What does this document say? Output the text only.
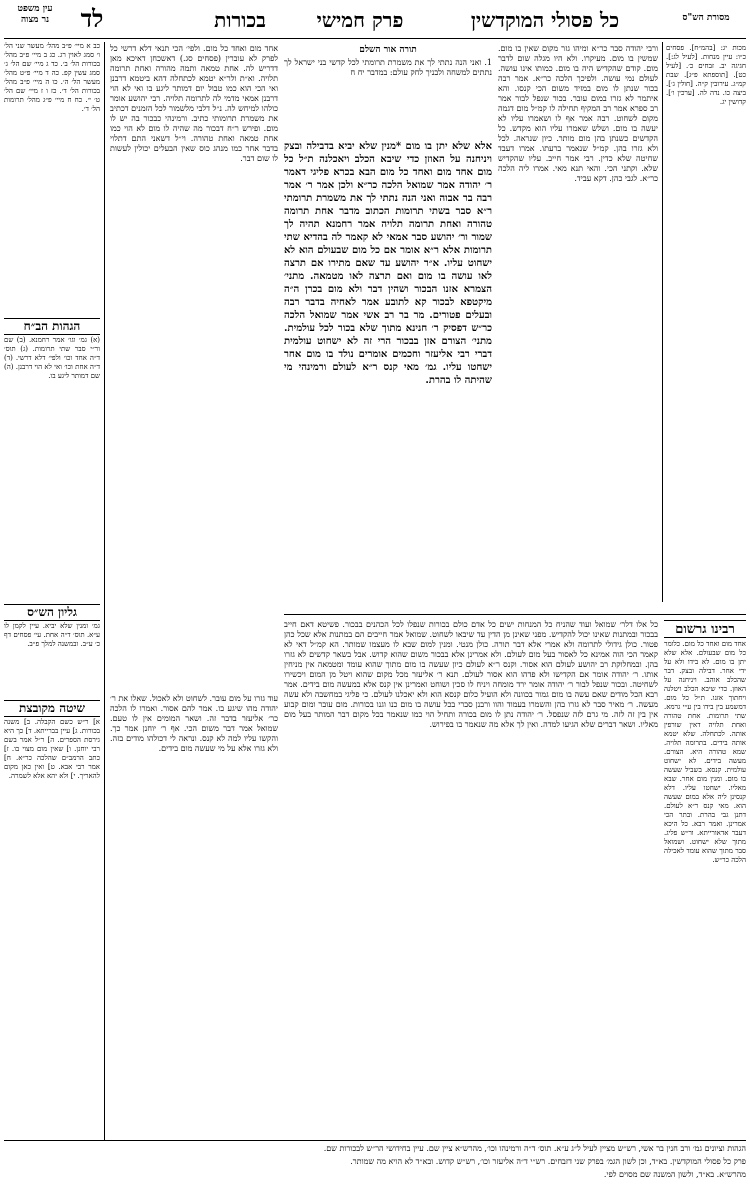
עין משפט
נר מצוה	לד	בכורות	פרק חמישי	כל פסולי המוקדשין	מסורת הש"ס
כב א מיי׳ פ״ב מהל׳ מעשר שני הל׳ ו׳ סמג לאוין רג. כג ב מיי׳ פ״ב מהל׳ בכורות הל׳ ב׳. כד ג מיי׳ שם הל׳ ג׳ סמג עשין קפ. כה ד מיי׳ פ״ט מהל׳ מעשר הל׳ ה׳. כו ה מיי׳ פ״ב מהל׳ בכורות הל׳ ד׳. כז ו ז מיי׳ שם הל׳ ט׳ י׳. כח ח מיי׳ פ״ג מהל׳ תרומות הל׳ ד׳.
הגהות הב״ח
(א) גמ׳ וגו׳ אמר רחמנא. (ב) שם ור״י סבר שתי תרומות. (ג) תוס׳ ד״ה אחד וכו׳ ולפי׳ דלא דרשי. (ד) ד״ה אחת וכו׳ ואי לא הוי דרבנן. (ה) שם דמותר ליגע בו.
גליון הש״ס
גמ׳ ומנין שלא יביא. עיין לקמן לו ע״א. תוס׳ ד״ה אחת. עי׳ פסחים דף כ׳ ע״ב. ובמשנה למלך פ״ב.
שיטה מקובצת
א] ר״ש כשם הקבלה. ב] משנה בכורות. ג] עיין בברייתא. ד] כך היא גירסת הספרים. ה] ר״ל אמר בשם רבי יוחנן. ו] שאין מום מצוי בו. ז] כתב הרמב״ם שהלכה כר״א. ח] אמר רבי אבא. ט] ואין כאן מקום להאריך. י] ולא יהא אלא לשמרה.
אחד מום ואחד כל מום. ולפי׳ הכי תנאי דלא דרשי כל לפרק לא עוברין (פסחים סג.) דאשכחן דאיכא מאן דדריש לה. אחת טמאה ותמה מהורה ואחת תרומה תלויה. וא״ת ולר״א יטמא לכתחלה דהא ביטמא דרבנן ואי הכי הוא כמו טבול יום דמותר ליגע בו ואי לא הוי דרבנן אמאי מדמי לה לתרומה תלויה. רבי יהושע אומר כולהו למיחש לה. נ״ל דלבי מלשמור לכל הזמנים דכתיב את משמרת תרומותי כתיב. ורמינהי כבכור בה יש לו מום. ופירש ר״ח דבכור מה שהיה לו מום לא הוי כמו אחת טמאה ואחת טהורה. וי״ל דשאני התם דתלוי בדבר אחר כמו מנהג כוס שאין הבעלים יכולין לעשות לו שום דבר.
עוד גזרו על מום עובר. לשחוט ולא לאכול. שאלו את ר׳ יהודה מהו שיגע בו. אמר להם אסור. ואמרו לו הלכה כר׳ אליעזר בדבר זה. ושאר המומים אין לו טעם. שמואל אמר דבר משום הכי. אף ר׳ יוחנן אמר כך. והקשו עליו למה לא קנס. ונראה לי דכולהו מודים בזה. ולא גזרו אלא על מי שעשה מום בידים.
אלא שלא יתן בו מום *מנין שלא יביא בדבילה ובצק ויניחנה על האוזן כדי שיבא הכלב ויאכלנה ת״ל כל מום אחד מום ואחד כל מום הבא בכרא פליגי דאמר ר׳ יהודה אמר שמואל הלכה כר״א ולכן אמר ר׳ אמר רבה בר אבוה ואני הנה נתתי לך את משמרת תרומתי ר״א סבר בשתי תרומות הכתוב מדבר אחת תרומה טהורה ואחת תרומה תלויה אמר רחמנא תהיה לך שמור ור׳ יהושע סבר אמאי לא קאמר לה בהדיא שתי תרומות אלא ר״א אומר אם כל מום שבעולם הוא לא ישחוט עליו. א״ר יהושע עד שאם מתירו אם תרצה לאו עושה בו מום ואם תרצה לאו מטמאה. מתני׳ הצמרא אזנו הבכור ושהין דבר ולא מום בכרן ה״ה מיקטפא לבכור קא לתובע אמר לאחיה בדבר רבה ובעלים פטורים. מר בר רב אשי אמר שמואל הלכה כר״ש דפסיק ר׳ חנינא מתוך שלא בכור לכל עולמית. מתני׳ הצורם אזן בבכור הרי זה לא ישחוט עולמית דברי רבי אליעזר וחכמים אומרים נולד בו מום אחר ישחטו עליו. גמ׳ מאי קנס ר״א לעולם ורמינהי מי שהיתה לו בהרת.
תורה אור השלם
1. ואני הנה נתתי לך את משמרת תרומתי לכל קדשי בני ישראל לך נתתים למשחה ולבניך לחק עולם: במדבר יח ח
ורבי יהודה סבר כר״א ומיהו גזר מקום שאין בו מום. שמשין בו מום. מעיקרו. ולא היו מגלה שום לדבר מום. קודם שהקדיש היה בו מום. כמותו אינו עושה. לעולם נמי עושה. ולפיכך הלכה כר״א. אמר רבה בכור שנתן לו מום במזיד משום הכי קנסו. והא איתמר לא גזרו במום עובר. בכור שנפל לבור אמר רב ספרא אמר רב המקיף תחילה לו קמ״ל מום דגמה מקום לשחוט. רבה אמר אף לו ושאמרו עליו לא יעשה בו מום. ושלש שאמרו עליו הוא מקדש. כל הקדשים כשנתן בהן מום מותר. כיון שנראה. לכל ולא גזרו בהן. קמ״ל שנאמר ברעתו. אמרו דעבד שחיטה שלא כדין. רבי אמר חייב. עליו שהקדיש שלא. וקתני הכי. והאי תנא מאי. אמרו ליה הלכה כר״א. לגבי כהן. דקא עביד.
מכות יג: [בהמ״ח]. פסחים כ״ו: עיין מנחות. [לעיל לג:]. חגיגה יב. זבחים כ׳. [לעיל כט]. [תוספתא פ״ג]. שבת קמ״ג. עירובין ק״ה. [חולין ג׳]. ביצה כו. נדה לה. [ערכין ו׳]. קדושין יג.
כל אלו דלר׳ שמואל ועוד שהניח כל המנחות ישים כל אדם כולם בכורות שנפלו לכל הכהנים בבכור. פשיטא דאם חייב בבכור ובמתנות שאינו יכול להקדיש. מפני שאינן מן הדין עד שיבאו לשחוט. שמואל אמר חייבים הם במתנות אלא שכל כהן פטור. כולן גידולי לתרומה ולא אמרי אלא דבר תורה. כולן מנטי. ומנין למום שבא לו מעצמו שמותר. הא קמ״ל דאי לא קאמר הכי הוה אמינא כל לאסור בעל מום לעולם. ולא אמרינן אלא בבכור משום שהוא קדוש. אבל בשאר קדשים לא גזרו בהן. ובמחלוקת רב יהושע לעולם הוא אסור. וקנס ר״א לעולם כיון שעשה בו מום מתוך שהוא עומד ומטמאה אין מניחין אותו. ר׳ יהודה אומר אם הקדישו ולא פדהו הוא אסור לעולם. תנא ר׳ אליעזר מכל מקום שהוא ויטל מן המום ויכשירו לשחיטה. ובכור שנפל לבור ר׳ יהודה אומר ירד מומחה ויניח לו סכין ושוחט ואמרינן אין קנס אלא במעשה מום בידים. אמר רבא הכל מודים שאם עשה בו מום גמור בכוונה ולא הועיל כלום קנסא הוא ולא יאכלנו לעולם. כי פליגי במחשבה ולא עשה מעשה. ר׳ מאיר סבר לא גזרו בהן והשמרו בעמוד והוו ורבנן סברי בכל עושה בו מום כנו וגנו בכורות. מום עובר ומום קבוע אין בין זה לזה. מי גרם לזה שנפסל. ר׳ יהודה נתן לו מום בכורה ותחיל הוי כמו שנאמר בכל מקום דבר המותר בעל מום מאליו. ושאר דברים שלא הגיעו למדה. ואין לך אלא מה שנאמר בו בפירוש.
רבינו גרשום
אחד מום ואחד כל מום. כלומר כל מום שבעולם. אלא שלא יתן בו מום. לא בידו ולא על ידי אחר. דבילה ובצק. דבר שהכלב אוהב. ויניחנה על האוזן. כדי שיבא הכלב ויטלנה ויחתוך אזנו. ת״ל כל מום. דמשמע בין בידו בין ע״י גרמא. שתי תרומות. אחת טהורה ואחת תלויה דאין שורפין אותה. לכתחלה. שלא יטמא אותה בידים. בתרומה תלויה. שמא טהורה היא. הצורם. מעשה בידים. לא ישחוט עולמית. קנסא. בשביל שעשה בו מום. ומנין מום אחר. שבא מאליו. ישחטו עליו. דלא קנסינן ליה אלא במום שעשה הוא. מאי קנס ר״א לעולם. דתנן גבי בהרת. ובתר הכי אמרינן. ואמר רבא. כל היכא דעבר אדאורייתא. ור״ש פליג. מתוך שלא ישחוט. ושמואל סבר מתוך שהוא עומד לאכילה הלכה כר״ש.
הגהות וציונים גמ׳ ורב חנין בר אשי, רש״ש מציין לעיל ל״ג ע״א. תוס׳ ד״ה ורמינהו וכו׳, מהרש״א ציין שם. עיין בחידושי הר״ש לבכורות שם.
פרק כל פסולי המוקדשין. בא״ד, וכן לשון הגמ׳ בפרק שני דזבחים. רש״י ד״ה אליעזר וכו׳, רש״ש קדוש. ובא״ד לא הויא מה שמותר.
מהרש״א. בא״ד, ולשון המשנה שם מסוים לפי.
